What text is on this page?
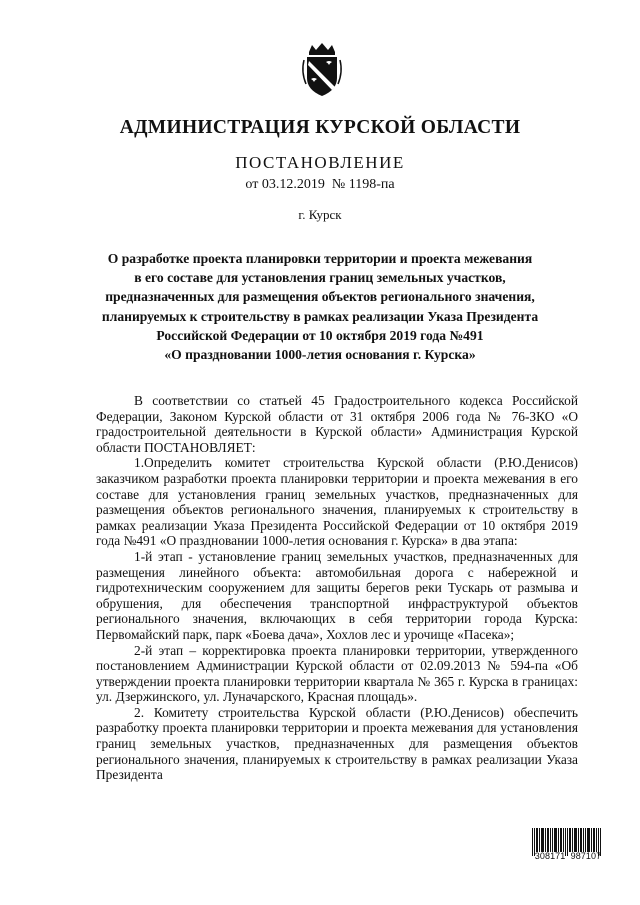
АДМИНИСТРАЦИЯ КУРСКОЙ ОБЛАСТИ
ПОСТАНОВЛЕНИЕ
от 03.12.2019  № 1198-па
г. Курск
О разработке проекта планировки территории и проекта межевания
в его составе для установления границ земельных участков,
предназначенных для размещения объектов регионального значения,
планируемых к строительству в рамках реализации Указа Президента
Российской Федерации от 10 октября 2019 года №491
«О праздновании 1000-летия основания г. Курска»

В соответствии со статьей 45 Градостроительного кодекса Российской Федерации, Законом Курской области от 31 октября 2006 года № 76-ЗКО «О градостроительной деятельности в Курской области» Администрация Курской области ПОСТАНОВЛЯЕТ:

1.Определить комитет строительства Курской области (Р.Ю.Денисов) заказчиком разработки проекта планировки территории и проекта межевания в его составе для установления границ земельных участков, предназначенных для размещения объектов регионального значения, планируемых к строительству в рамках реализации Указа Президента Российской Федерации от 10 октября 2019 года №491 «О праздновании 1000-летия основания г. Курска» в два этапа:

1-й этап - установление границ земельных участков, предназначенных для размещения линейного объекта: автомобильная дорога с набережной и гидротехническим сооружением для защиты берегов реки Тускарь от размыва и обрушения, для обеспечения транспортной инфраструктурой объектов регионального значения, включающих в себя территории города Курска: Первомайский парк, парк «Боева дача», Хохлов лес и урочище «Пасека»;

2-й этап – корректировка проекта планировки территории, утвержденного постановлением Администрации Курской области от 02.09.2013 № 594-па «Об утверждении проекта планировки территории квартала № 365 г. Курска в границах: ул. Дзержинского, ул. Луначарского, Красная площадь».

2. Комитету строительства Курской области (Р.Ю.Денисов) обеспечить разработку проекта планировки территории и проекта межевания для установления границ земельных участков, предназначенных для размещения объектов регионального значения, планируемых к строительству в рамках реализации Указа Президента

308171  987107
